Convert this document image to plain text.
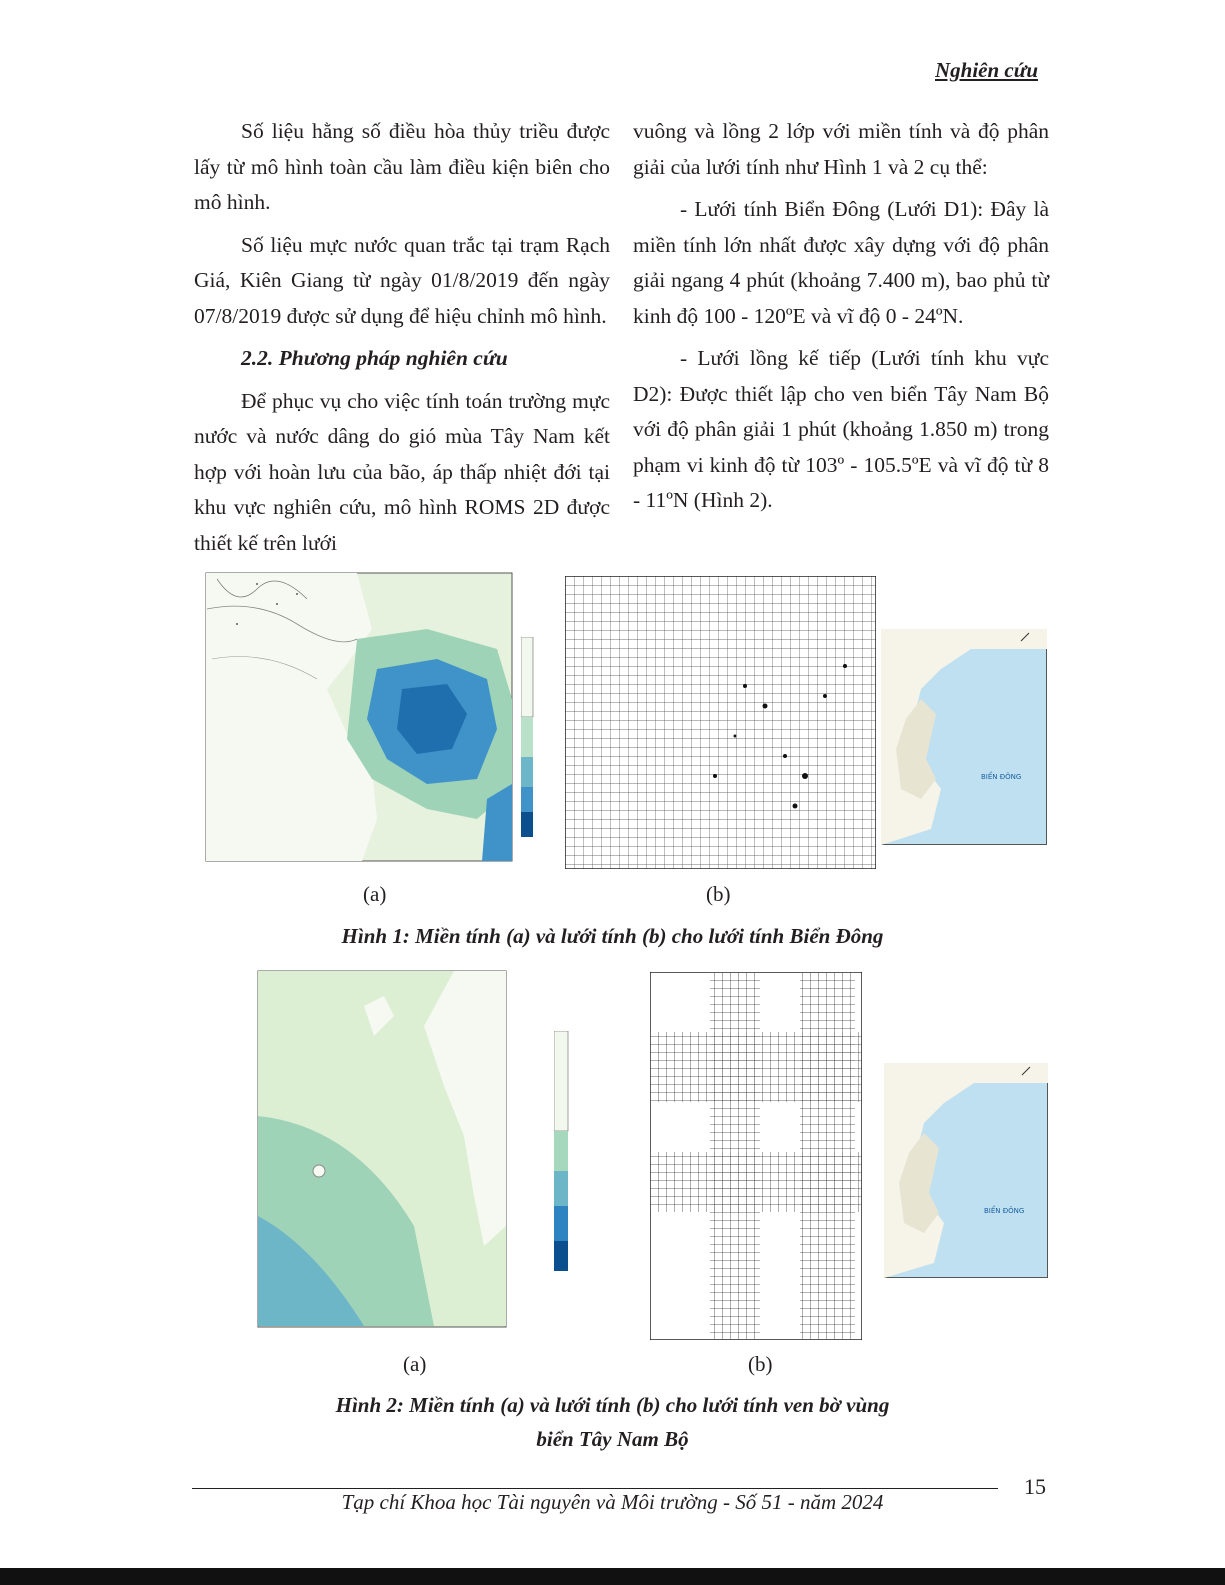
Nghiên cứu

Số liệu hằng số điều hòa thủy triều được lấy từ mô hình toàn cầu làm điều kiện biên cho mô hình.

Số liệu mực nước quan trắc tại trạm Rạch Giá, Kiên Giang từ ngày 01/8/2019 đến ngày 07/8/2019 được sử dụng để hiệu chỉnh mô hình.

2.2. Phương pháp nghiên cứu

Để phục vụ cho việc tính toán trường mực nước và nước dâng do gió mùa Tây Nam kết hợp với hoàn lưu của bão, áp thấp nhiệt đới tại khu vực nghiên cứu, mô hình ROMS 2D được thiết kế trên lưới

vuông và lồng 2 lớp với miền tính và độ phân giải của lưới tính như Hình 1 và 2 cụ thể:

- Lưới tính Biển Đông (Lưới D1): Đây là miền tính lớn nhất được xây dựng với độ phân giải ngang 4 phút (khoảng 7.400 m), bao phủ từ kinh độ 100 - 120ºE và vĩ độ 0 - 24ºN.

- Lưới lồng kế tiếp (Lưới tính khu vực D2): Được thiết lập cho ven biển Tây Nam Bộ với độ phân giải 1 phút (khoảng 1.850 m) trong phạm vi kinh độ từ 103º - 105.5ºE và vĩ độ từ 8 - 11ºN (Hình 2).

BIỂN ĐÔNG
(a)	(b)
Hình 1: Miền tính (a) và lưới tính (b) cho lưới tính Biển Đông
BIỂN ĐÔNG
(a)	(b)
Hình 2: Miền tính (a) và lưới tính (b) cho lưới tính ven bờ vùng
biển Tây Nam Bộ
15
Tạp chí Khoa học Tài nguyên và Môi trường - Số 51 - năm 2024
